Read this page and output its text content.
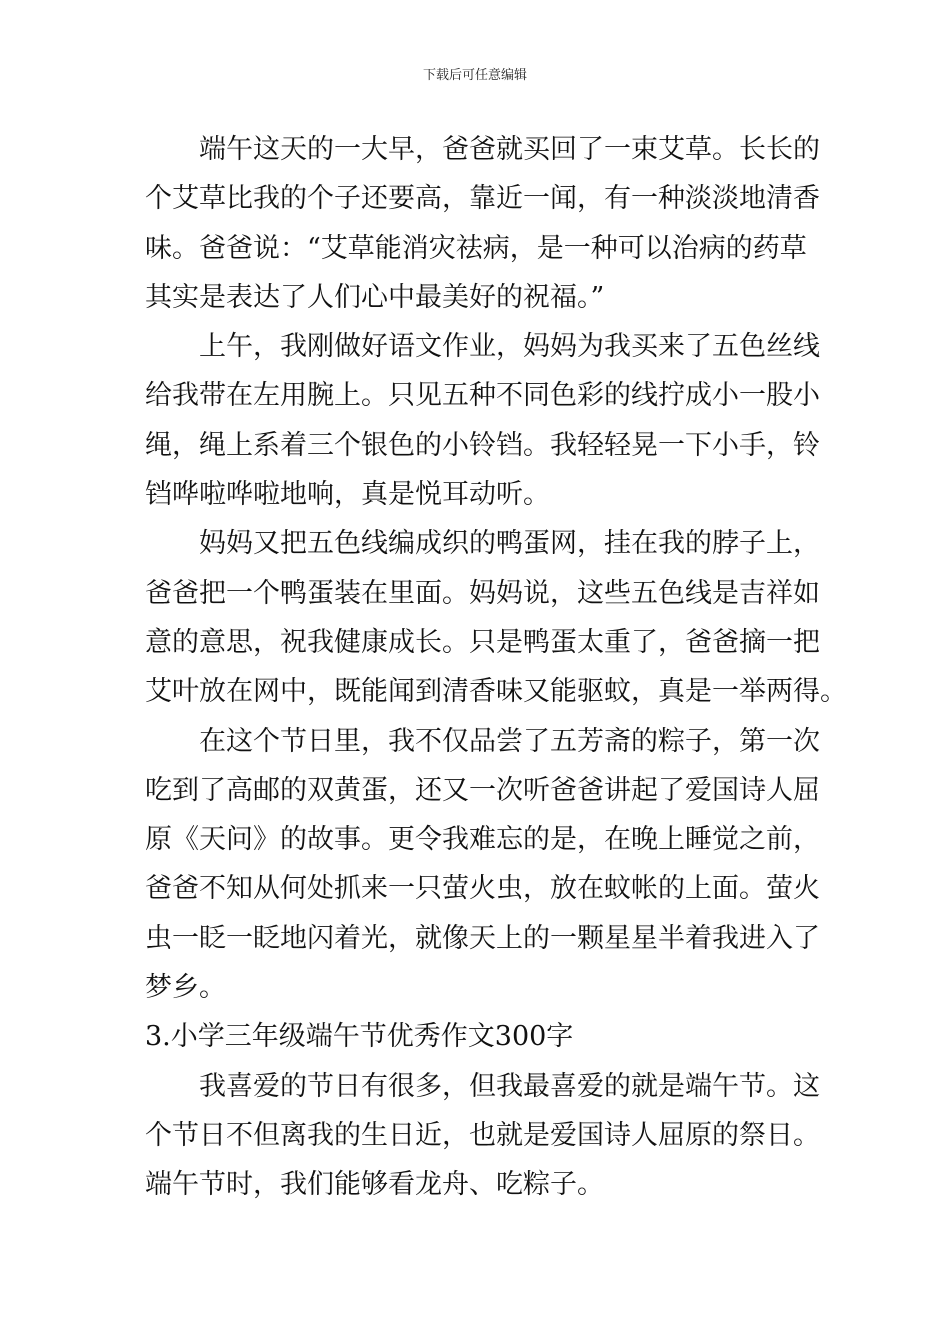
下载后可任意编辑
端午这天的一大早，爸爸就买回了一束艾草。长长的
个艾草比我的个子还要高，靠近一闻，有一种淡淡地清香
味。爸爸说：“艾草能消灾祛病，是一种可以治病的药草
其实是表达了人们心中最美好的祝福。”
上午，我刚做好语文作业，妈妈为我买来了五色丝线
给我带在左用腕上。只见五种不同色彩的线拧成小一股小
绳，绳上系着三个银色的小铃铛。我轻轻晃一下小手，铃
铛哗啦哗啦地响，真是悦耳动听。
妈妈又把五色线编成织的鸭蛋网，挂在我的脖子上，
爸爸把一个鸭蛋装在里面。妈妈说，这些五色线是吉祥如
意的意思，祝我健康成长。只是鸭蛋太重了，爸爸摘一把
艾叶放在网中，既能闻到清香味又能驱蚊，真是一举两得。
在这个节日里，我不仅品尝了五芳斋的粽子，第一次
吃到了高邮的双黄蛋，还又一次听爸爸讲起了爱国诗人屈
原《天问》的故事。更令我难忘的是，在晚上睡觉之前，
爸爸不知从何处抓来一只萤火虫，放在蚊帐的上面。萤火
虫一眨一眨地闪着光，就像天上的一颗星星半着我进入了
梦乡。
3.小学三年级端午节优秀作文300字
我喜爱的节日有很多，但我最喜爱的就是端午节。这
个节日不但离我的生日近，也就是爱国诗人屈原的祭日。
端午节时，我们能够看龙舟、吃粽子。
